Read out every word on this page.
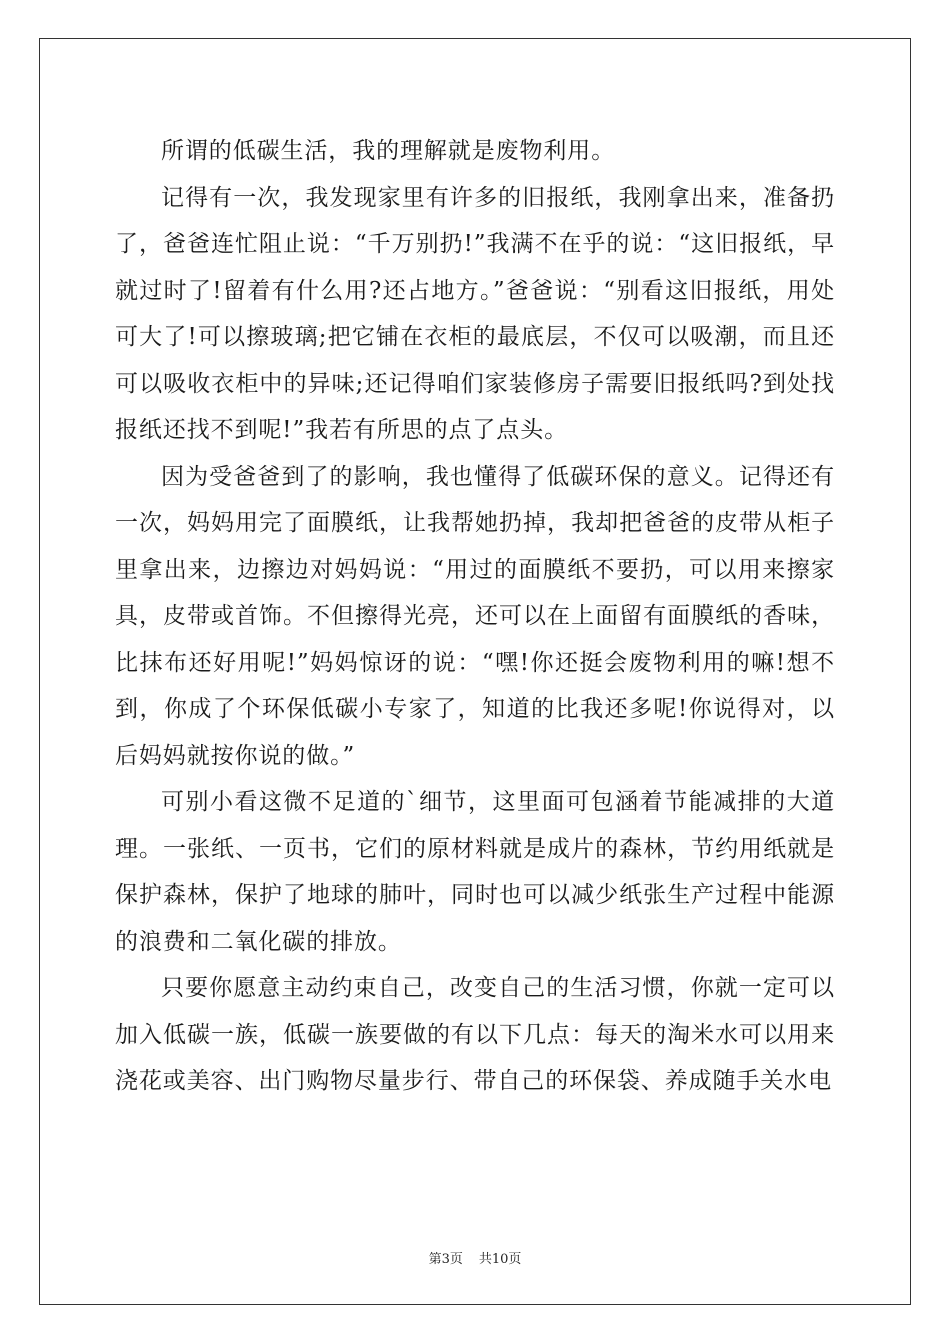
所谓的低碳生活，我的理解就是废物利用。

记得有一次，我发现家里有许多的旧报纸，我刚拿出来，准备扔了，爸爸连忙阻止说：“千万别扔!”我满不在乎的说：“这旧报纸，早就过时了!留着有什么用?还占地方。”爸爸说：“别看这旧报纸，用处可大了!可以擦玻璃;把它铺在衣柜的最底层，不仅可以吸潮，而且还可以吸收衣柜中的异味;还记得咱们家装修房子需要旧报纸吗?到处找报纸还找不到呢!”我若有所思的点了点头。

因为受爸爸到了的影响，我也懂得了低碳环保的意义。记得还有一次，妈妈用完了面膜纸，让我帮她扔掉，我却把爸爸的皮带从柜子里拿出来，边擦边对妈妈说：“用过的面膜纸不要扔，可以用来擦家具，皮带或首饰。不但擦得光亮，还可以在上面留有面膜纸的香味，比抹布还好用呢!”妈妈惊讶的说：“嘿!你还挺会废物利用的嘛!想不到，你成了个环保低碳小专家了，知道的比我还多呢!你说得对，以后妈妈就按你说的做。”

可别小看这微不足道的`细节，这里面可包涵着节能减排的大道理。一张纸、一页书，它们的原材料就是成片的森林，节约用纸就是保护森林，保护了地球的肺叶，同时也可以减少纸张生产过程中能源的浪费和二氧化碳的排放。

只要你愿意主动约束自己，改变自己的生活习惯，你就一定可以加入低碳一族，低碳一族要做的有以下几点：每天的淘米水可以用来浇花或美容、出门购物尽量步行、带自己的环保袋、养成随手关水电

第3页 共10页
